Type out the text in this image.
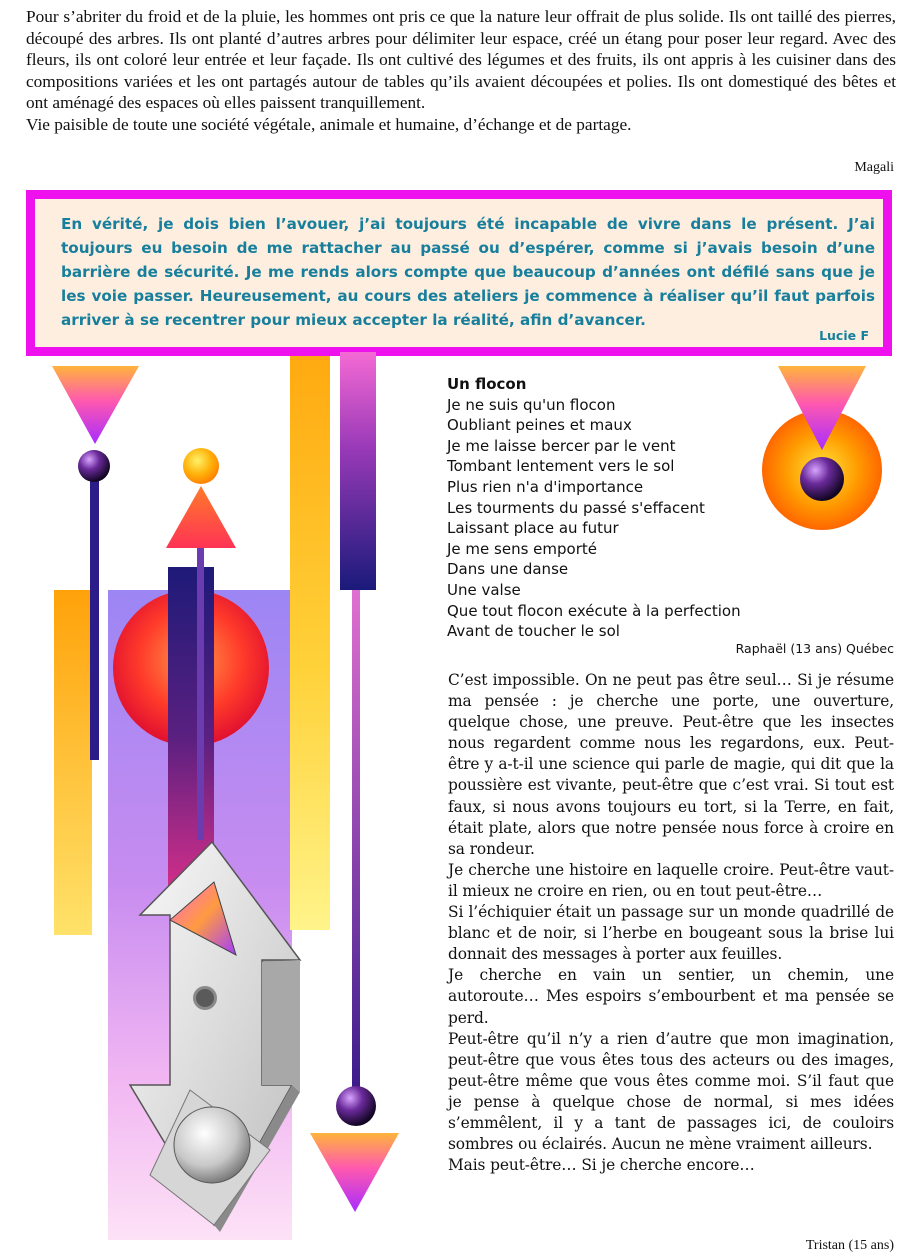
Pour s’abriter du froid et de la pluie, les hommes ont pris ce que la nature leur offrait de plus solide. Ils ont taillé des pierres, découpé des arbres. Ils ont planté d’autres arbres pour délimiter leur espace, créé un étang pour poser leur regard. Avec des fleurs, ils ont coloré leur entrée et leur façade. Ils ont cultivé des légumes et des fruits, ils ont appris à les cuisiner dans des compositions variées et les ont partagés autour de tables qu’ils avaient découpées et polies. Ils ont domestiqué des bêtes et ont aménagé des espaces où elles paissent tranquillement.

Vie paisible de toute une société végétale, animale et humaine, d’échange et de partage.

Magali
En vérité, je dois bien l’avouer, j’ai toujours été incapable de vivre dans le présent. J’ai toujours eu besoin de me rattacher au passé ou d’espérer, comme si j’avais besoin d’une barrière de sécurité. Je me rends alors compte que beaucoup d’années ont défilé sans que je les voie passer. Heureusement, au cours des ateliers je commence à réaliser qu’il faut parfois arriver à se recentrer pour mieux accepter la réalité, afin d’avancer.
Lucie F
Un flocon
Je ne suis qu'un flocon
Oubliant peines et maux
Je me laisse bercer par le vent
Tombant lentement vers le sol
Plus rien n'a d'importance
Les tourments du passé s'effacent
Laissant place au futur
Je me sens emporté
Dans une danse
Une valse
Que tout flocon exécute à la perfection
Avant de toucher le sol
Raphaël (13 ans) Québec

C’est impossible. On ne peut pas être seul… Si je résume ma pensée : je cherche une porte, une ouverture, quelque chose, une preuve. Peut-être que les insectes nous regardent comme nous les regardons, eux. Peut-être y a-t-il une science qui parle de magie, qui dit que la poussière est vivante, peut-être que c’est vrai. Si tout est faux, si nous avons toujours eu tort, si la Terre, en fait, était plate, alors que notre pensée nous force à croire en sa rondeur.

Je cherche une histoire en laquelle croire. Peut-être vaut-il mieux ne croire en rien, ou en tout peut-être…

Si l’échiquier était un passage sur un monde quadrillé de blanc et de noir, si l’herbe en bougeant sous la brise lui donnait des messages à porter aux feuilles.

Je cherche en vain un sentier, un chemin, une autoroute… Mes espoirs s’embourbent et ma pensée se perd.

Peut-être qu’il n’y a rien d’autre que mon imagination, peut-être que vous êtes tous des acteurs ou des images, peut-être même que vous êtes comme moi. S’il faut que je pense à quelque chose de normal, si mes idées s’emmêlent, il y a tant de passages ici, de couloirs sombres ou éclairés. Aucun ne mène vraiment ailleurs.

Mais peut-être… Si je cherche encore…

Tristan (15 ans)
